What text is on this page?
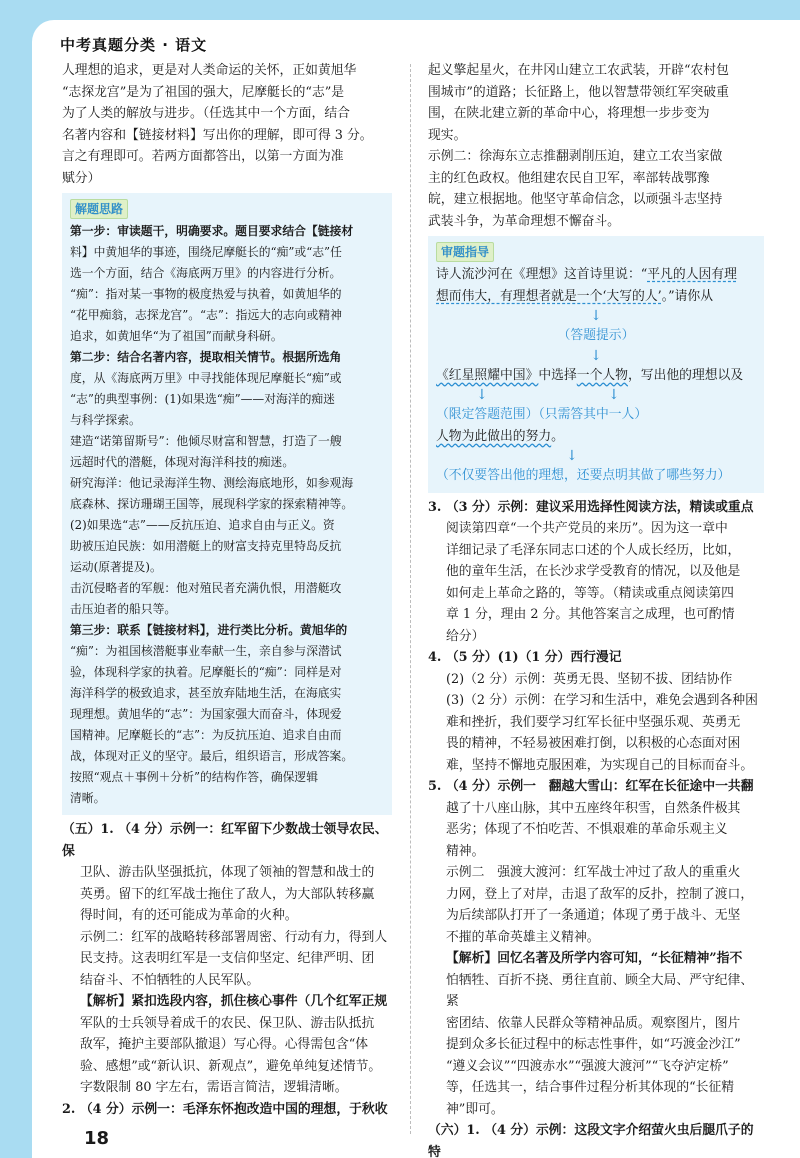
中考真题分类 · 语文

人理想的追求，更是对人类命运的关怀，正如黄旭华

“志探龙宫”是为了祖国的强大，尼摩艇长的“志”是

为了人类的解放与进步。（任选其中一个方面，结合

名著内容和【链接材料】写出你的理解，即可得 3 分。

言之有理即可。若两方面都答出，以第一方面为准

赋分）

解题思路

第一步：审读题干，明确要求。题目要求结合【链接材

料】中黄旭华的事迹，围绕尼摩艇长的“痴”或“志”任

选一个方面，结合《海底两万里》的内容进行分析。

“痴”：指对某一事物的极度热爱与执着，如黄旭华的

“花甲痴翁，志探龙宫”。“志”：指远大的志向或精神

追求，如黄旭华“为了祖国”而献身科研。

第二步：结合名著内容，提取相关情节。根据所选角

度，从《海底两万里》中寻找能体现尼摩艇长“痴”或

“志”的典型事例：(1)如果选“痴”——对海洋的痴迷

与科学探索。

建造“诺第留斯号”：他倾尽财富和智慧，打造了一艘

远超时代的潜艇，体现对海洋科技的痴迷。

研究海洋：他记录海洋生物、测绘海底地形，如参观海

底森林、探访珊瑚王国等，展现科学家的探索精神等。

(2)如果选“志”——反抗压迫、追求自由与正义。资

助被压迫民族：如用潜艇上的财富支持克里特岛反抗

运动(原著提及)。

击沉侵略者的军舰：他对殖民者充满仇恨，用潜艇攻

击压迫者的船只等。

第三步：联系【链接材料】，进行类比分析。黄旭华的

“痴”：为祖国核潜艇事业奉献一生，亲自参与深潜试

验，体现科学家的执着。尼摩艇长的“痴”：同样是对

海洋科学的极致追求，甚至放弃陆地生活，在海底实

现理想。黄旭华的“志”：为国家强大而奋斗，体现爱

国精神。尼摩艇长的“志”：为反抗压迫、追求自由而

战，体现对正义的坚守。最后，组织语言，形成答案。

按照“观点＋事例＋分析”的结构作答，确保逻辑

清晰。

（五）1. （4 分）示例一：红军留下少数战士领导农民、保

卫队、游击队坚强抵抗，体现了领袖的智慧和战士的

英勇。留下的红军战士拖住了敌人，为大部队转移赢

得时间，有的还可能成为革命的火种。

示例二：红军的战略转移部署周密、行动有力，得到人

民支持。这表明红军是一支信仰坚定、纪律严明、团

结奋斗、不怕牺牲的人民军队。

【解析】紧扣选段内容，抓住核心事件（几个红军正规

军队的士兵领导着成千的农民、保卫队、游击队抵抗

敌军，掩护主要部队撤退）写心得。心得需包含“体

验、感想”或“新认识、新观点”，避免单纯复述情节。

字数限制 80 字左右，需语言简洁，逻辑清晰。

2. （4 分）示例一：毛泽东怀抱改造中国的理想，于秋收

起义擎起星火，在井冈山建立工农武装，开辟“农村包

围城市”的道路；长征路上，他以智慧带领红军突破重

围，在陕北建立新的革命中心，将理想一步步变为

现实。

示例二：徐海东立志推翻剥削压迫，建立工农当家做

主的红色政权。他组建农民自卫军，率部转战鄂豫

皖，建立根据地。他坚守革命信念，以顽强斗志坚持

武装斗争，为革命理想不懈奋斗。

审题指导

诗人流沙河在《理想》这首诗里说：“平凡的人因有理

想而伟大，有理想者就是一个‘大写的人’。”请你从

↓
（答题提示）
↓

《红星照耀中国》中选择一个人物，写出他的理想以及

↓	↓

（限定答题范围）（只需答其中一人）

人物为此做出的努力。

↓
（不仅要答出他的理想，还要点明其做了哪些努力）

3. （3 分）示例：建议采用选择性阅读方法，精读或重点

阅读第四章“一个共产党员的来历”。因为这一章中

详细记录了毛泽东同志口述的个人成长经历，比如，

他的童年生活，在长沙求学受教育的情况，以及他是

如何走上革命之路的，等等。（精读或重点阅读第四

章 1 分，理由 2 分。其他答案言之成理，也可酌情

给分）

4. （5 分）(1)（1 分）西行漫记

(2)（2 分）示例：英勇无畏、坚韧不拔、团结协作

(3)（2 分）示例：在学习和生活中，难免会遇到各种困

难和挫折，我们要学习红军长征中坚强乐观、英勇无

畏的精神，不轻易被困难打倒，以积极的心态面对困

难，坚持不懈地克服困难，为实现自己的目标而奋斗。

5. （4 分）示例一　翻越大雪山：红军在长征途中一共翻

越了十八座山脉，其中五座终年积雪，自然条件极其

恶劣；体现了不怕吃苦、不惧艰难的革命乐观主义

精神。

示例二　强渡大渡河：红军战士冲过了敌人的重重火

力网，登上了对岸，击退了敌军的反扑，控制了渡口，

为后续部队打开了一条通道；体现了勇于战斗、无坚

不摧的革命英雄主义精神。

【解析】回忆名著及所学内容可知，“长征精神”指不

怕牺牲、百折不挠、勇往直前、顾全大局、严守纪律、紧

密团结、依靠人民群众等精神品质。观察图片，图片

提到众多长征过程中的标志性事件，如“巧渡金沙江”

“遵义会议”“四渡赤水”“强渡大渡河”“飞夺泸定桥”

等，任选其一，结合事件过程分析其体现的“长征精

神”即可。

（六）1. （4 分）示例：这段文字介绍萤火虫后腿爪子的特

18
